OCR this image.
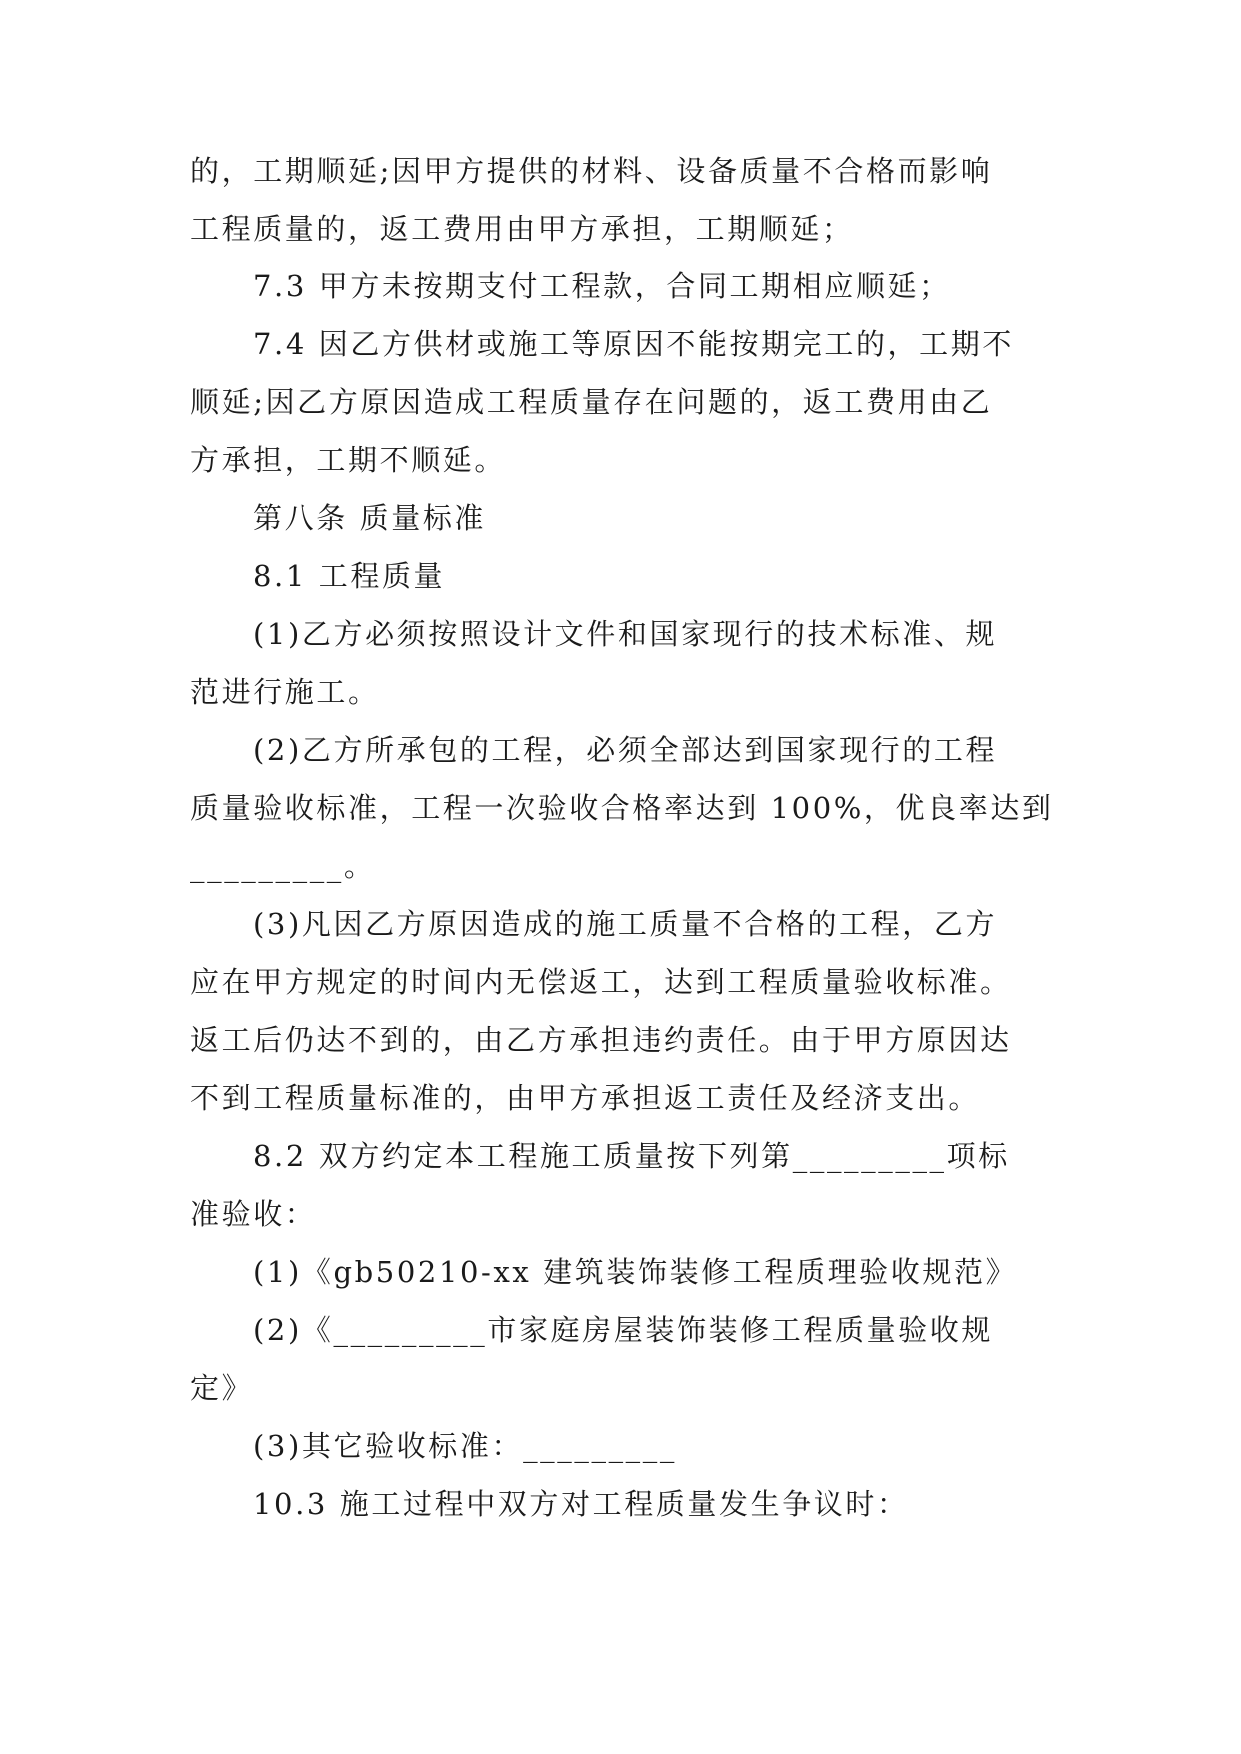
的，工期顺延;因甲方提供的材料、设备质量不合格而影响
工程质量的，返工费用由甲方承担，工期顺延；
7.3 甲方未按期支付工程款，合同工期相应顺延；
7.4 因乙方供材或施工等原因不能按期完工的，工期不
顺延;因乙方原因造成工程质量存在问题的，返工费用由乙
方承担，工期不顺延。
第八条 质量标准
8.1 工程质量
(1)乙方必须按照设计文件和国家现行的技术标准、规
范进行施工。
(2)乙方所承包的工程，必须全部达到国家现行的工程
质量验收标准，工程一次验收合格率达到 100%，优良率达到
_________。
(3)凡因乙方原因造成的施工质量不合格的工程，乙方
应在甲方规定的时间内无偿返工，达到工程质量验收标准。
返工后仍达不到的，由乙方承担违约责任。由于甲方原因达
不到工程质量标准的，由甲方承担返工责任及经济支出。
8.2 双方约定本工程施工质量按下列第_________项标
准验收：
(1)《gb50210-xx 建筑装饰装修工程质理验收规范》
(2)《_________市家庭房屋装饰装修工程质量验收规
定》
(3)其它验收标准：_________
10.3 施工过程中双方对工程质量发生争议时：
